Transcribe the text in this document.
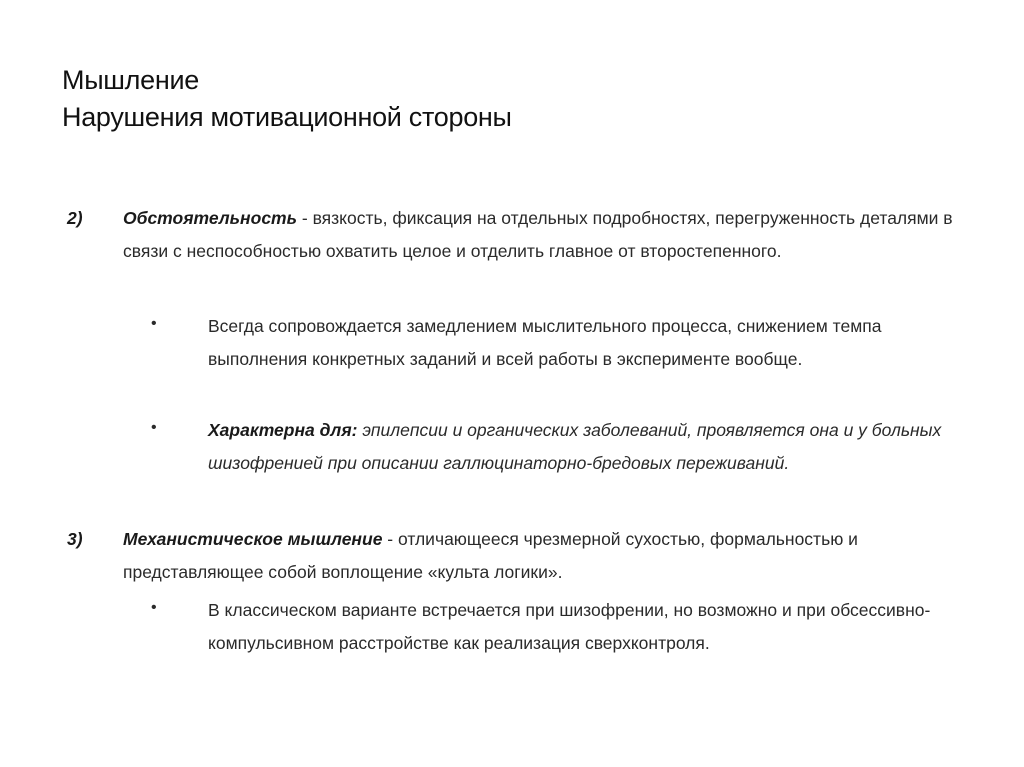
Мышление
Нарушения мотивационной стороны
2) Обстоятельность - вязкость, фиксация на отдельных подробностях, перегруженность деталями в связи с неспособностью охватить целое и отделить главное от второстепенного.
•	Всегда сопровождается замедлением мыслительного процесса, снижением темпа выполнения конкретных заданий и всей работы в эксперименте вообще.
•	Характерна для: эпилепсии и органических заболеваний, проявляется она и у больных шизофренией при описании галлюцинаторно-бредовых переживаний.
3) Механистическое мышление - отличающееся чрезмерной сухостью, формальностью и представляющее собой воплощение «культа логики».
•	В классическом варианте встречается при шизофрении, но возможно и при обсессивно-компульсивном расстройстве как реализация сверхконтроля.
